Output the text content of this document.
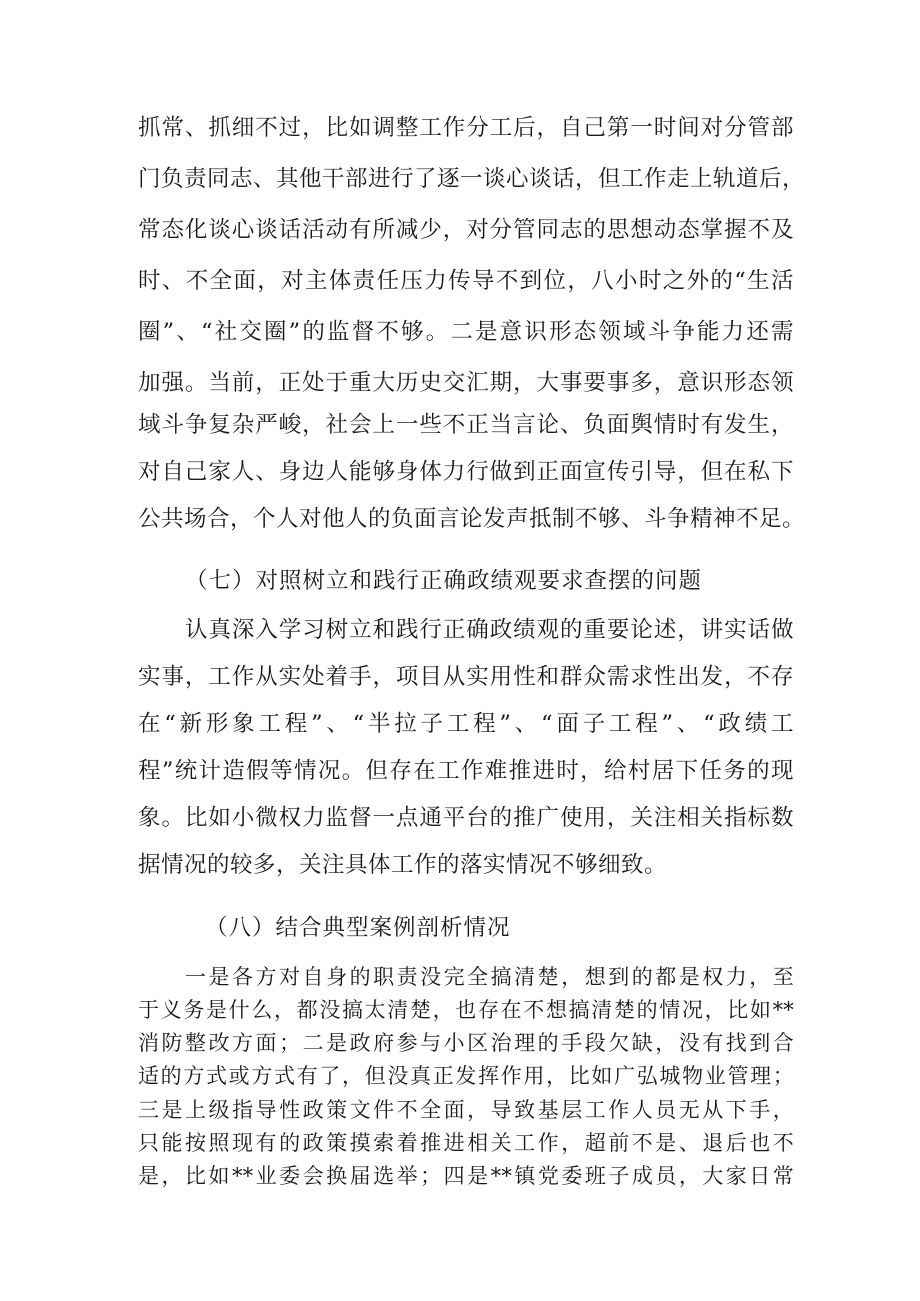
抓常、抓细不过，比如调整工作分工后，自己第一时间对分管部
门负责同志、其他干部进行了逐一谈心谈话，但工作走上轨道后，
常态化谈心谈话活动有所减少，对分管同志的思想动态掌握不及
时、不全面，对主体责任压力传导不到位，八小时之外的“生活
圈”、“社交圈”的监督不够。二是意识形态领域斗争能力还需
加强。当前，正处于重大历史交汇期，大事要事多，意识形态领
域斗争复杂严峻，社会上一些不正当言论、负面舆情时有发生，
对自己家人、身边人能够身体力行做到正面宣传引导，但在私下
公共场合，个人对他人的负面言论发声抵制不够、斗争精神不足。
（七）对照树立和践行正确政绩观要求查摆的问题
认真深入学习树立和践行正确政绩观的重要论述，讲实话做
实事，工作从实处着手，项目从实用性和群众需求性出发，不存
在“新形象工程”、“半拉子工程”、“面子工程”、“政绩工
程”统计造假等情况。但存在工作难推进时，给村居下任务的现
象。比如小微权力监督一点通平台的推广使用，关注相关指标数
据情况的较多，关注具体工作的落实情况不够细致。
（八）结合典型案例剖析情况
一是各方对自身的职责没完全搞清楚，想到的都是权力，至
于义务是什么，都没搞太清楚，也存在不想搞清楚的情况，比如**
消防整改方面；二是政府参与小区治理的手段欠缺，没有找到合
适的方式或方式有了，但没真正发挥作用，比如广弘城物业管理；
三是上级指导性政策文件不全面，导致基层工作人员无从下手，
只能按照现有的政策摸索着推进相关工作，超前不是、退后也不
是，比如**业委会换届选举；四是**镇党委班子成员，大家日常
